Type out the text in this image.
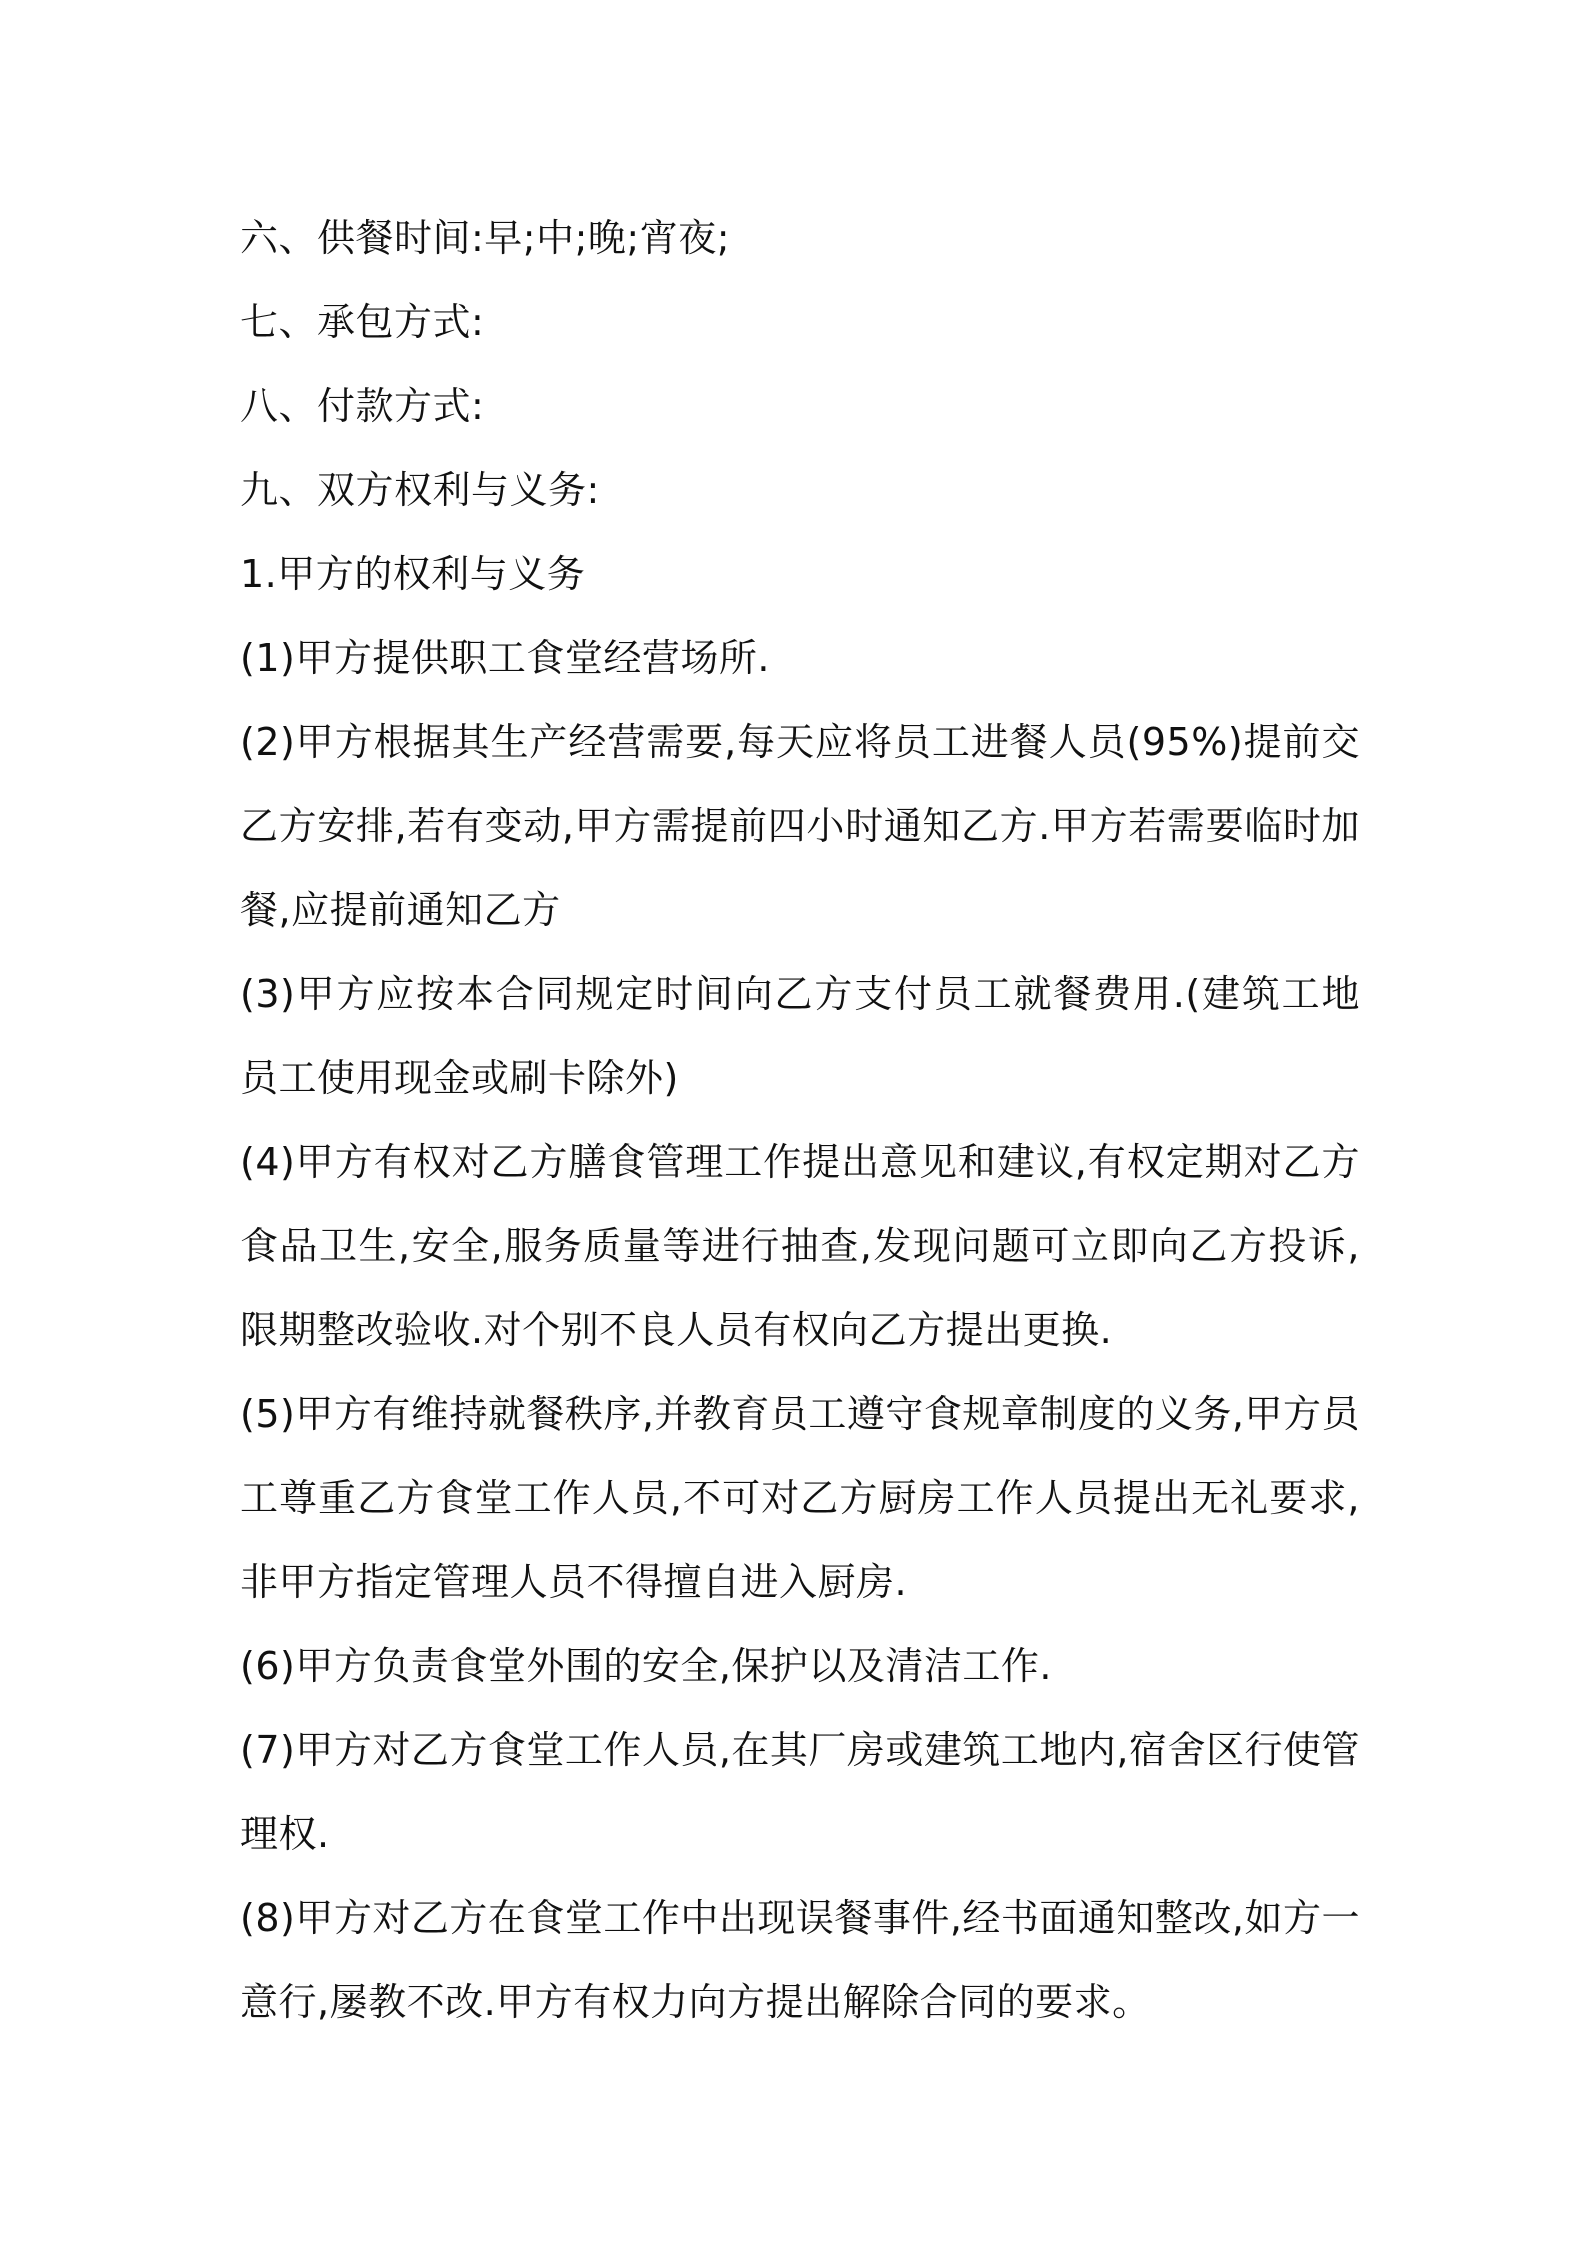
六、供餐时间:早;中;晚;宵夜;

七、承包方式:

八、付款方式:

九、双方权利与义务:

1.甲方的权利与义务

(1)甲方提供职工食堂经营场所.

(2)甲方根据其生产经营需要,每天应将员工进餐人员(95%)提前交乙方安排,若有变动,甲方需提前四小时通知乙方.甲方若需要临时加餐,应提前通知乙方

(3)甲方应按本合同规定时间向乙方支付员工就餐费用.(建筑工地员工使用现金或刷卡除外)

(4)甲方有权对乙方膳食管理工作提出意见和建议,有权定期对乙方食品卫生,安全,服务质量等进行抽查,发现问题可立即向乙方投诉,限期整改验收.对个别不良人员有权向乙方提出更换.

(5)甲方有维持就餐秩序,并教育员工遵守食规章制度的义务,甲方员工尊重乙方食堂工作人员,不可对乙方厨房工作人员提出无礼要求,非甲方指定管理人员不得擅自进入厨房.

(6)甲方负责食堂外围的安全,保护以及清洁工作.

(7)甲方对乙方食堂工作人员,在其厂房或建筑工地内,宿舍区行使管理权.

(8)甲方对乙方在食堂工作中出现误餐事件,经书面通知整改,如方一意行,屡教不改.甲方有权力向方提出解除合同的要求。
